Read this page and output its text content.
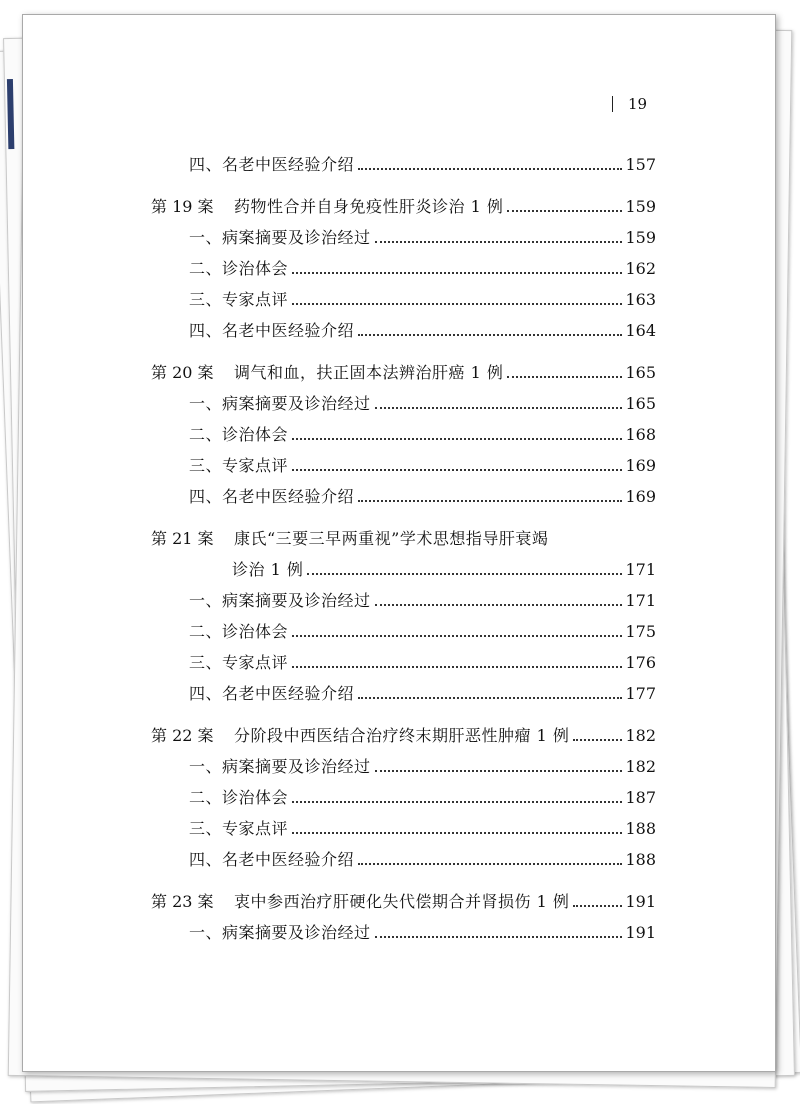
19
四、名老中医经验介绍	157
第 19 案	药物性合并自身免疫性肝炎诊治 1 例	159
一、病案摘要及诊治经过	159
二、诊治体会	162
三、专家点评	163
四、名老中医经验介绍	164
第 20 案	调气和血，扶正固本法辨治肝癌 1 例	165
一、病案摘要及诊治经过	165
二、诊治体会	168
三、专家点评	169
四、名老中医经验介绍	169
第 21 案	康氏“三要三早两重视”学术思想指导肝衰竭
诊治 1 例	171
一、病案摘要及诊治经过	171
二、诊治体会	175
三、专家点评	176
四、名老中医经验介绍	177
第 22 案	分阶段中西医结合治疗终末期肝恶性肿瘤 1 例	182
一、病案摘要及诊治经过	182
二、诊治体会	187
三、专家点评	188
四、名老中医经验介绍	188
第 23 案	衷中参西治疗肝硬化失代偿期合并肾损伤 1 例	191
一、病案摘要及诊治经过	191
